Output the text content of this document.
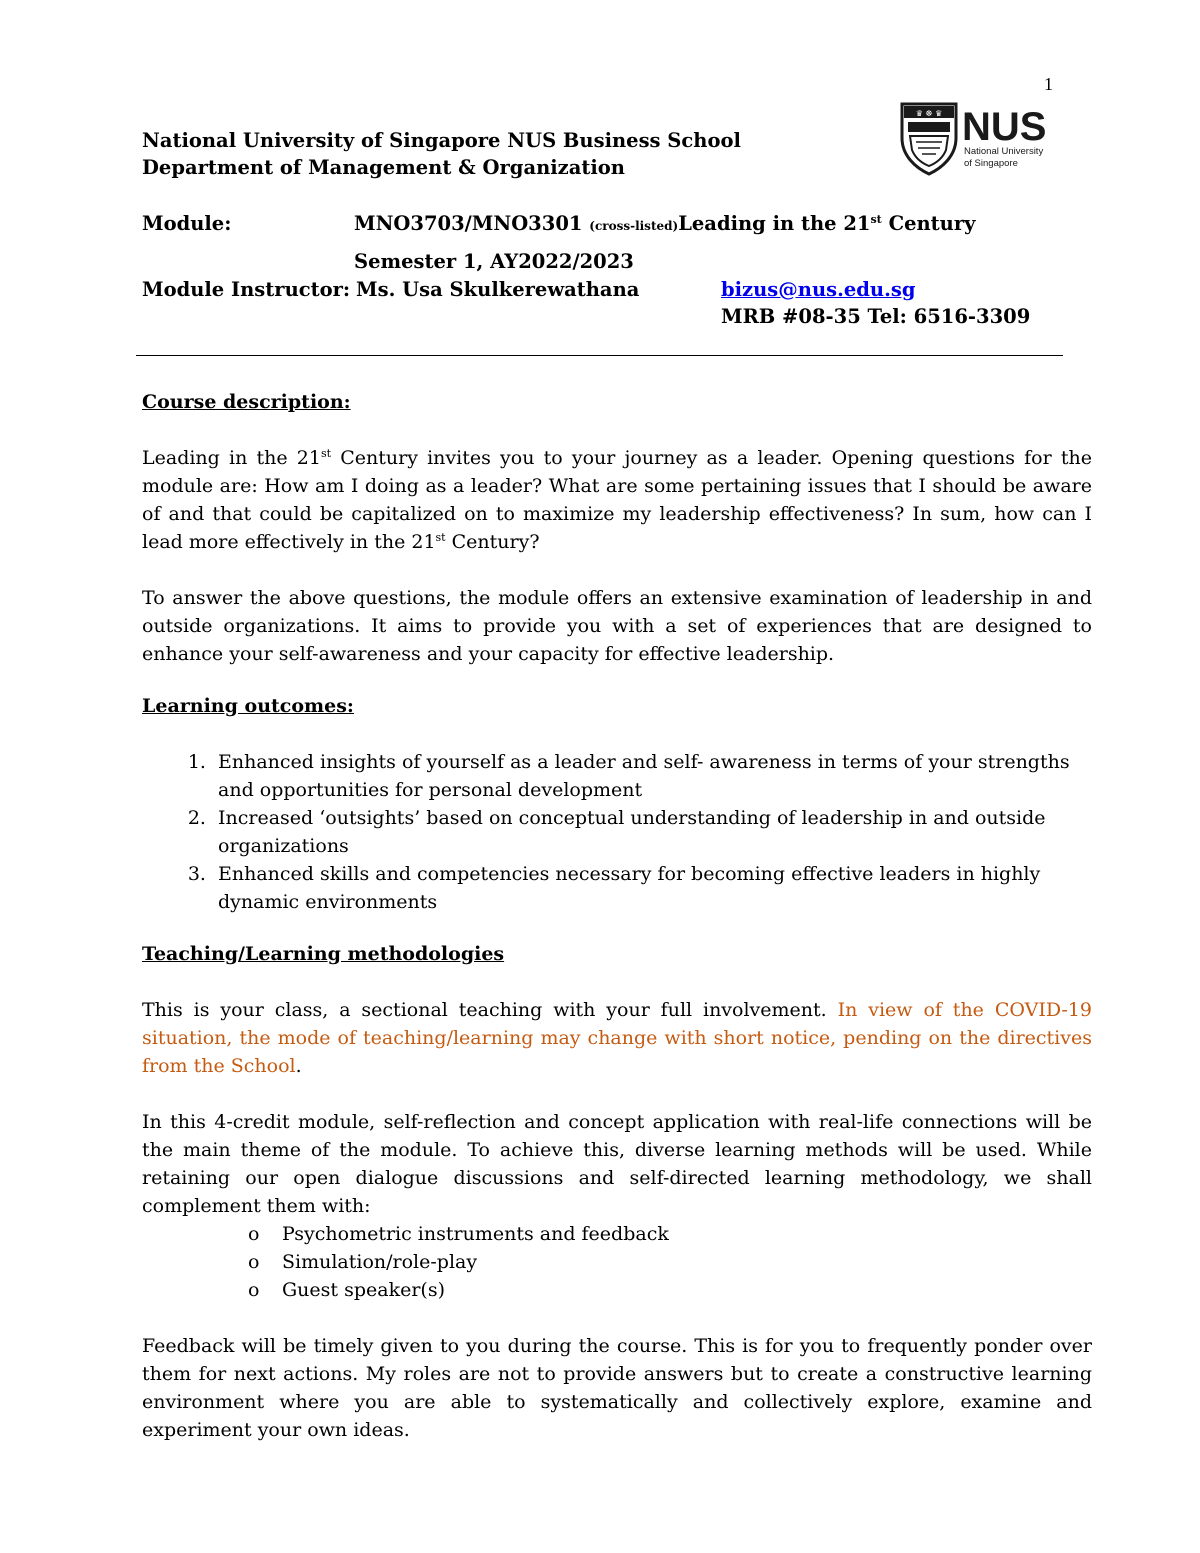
1
♛ ☸ ♛ NUS
National University
of Singapore
National University of Singapore NUS Business School
Department of Management & Organization
Module:	MNO3703/MNO3301 (cross-listed)Leading in the 21st Century
Semester 1, AY2022/2023
Module Instructor: Ms. Usa Skulkerewathana	bizus@nus.edu.sg
MRB #08-35 Tel: 6516-3309
Course description:
Leading in the 21st Century invites you to your journey as a leader. Opening questions for the module are: How am I doing as a leader? What are some pertaining issues that I should be aware of and that could be capitalized on to maximize my leadership effectiveness? In sum, how can I lead more effectively in the 21st Century?
To answer the above questions, the module offers an extensive examination of leadership in and outside organizations. It aims to provide you with a set of experiences that are designed to enhance your self-awareness and your capacity for effective leadership.
Learning outcomes:
1. Enhanced insights of yourself as a leader and self- awareness in terms of your strengths and opportunities for personal development
2. Increased ‘outsights’ based on conceptual understanding of leadership in and outside organizations
3. Enhanced skills and competencies necessary for becoming effective leaders in highly dynamic environments
Teaching/Learning methodologies
This is your class, a sectional teaching with your full involvement. In view of the COVID-19 situation, the mode of teaching/learning may change with short notice, pending on the directives from the School.
In this 4-credit module, self-reflection and concept application with real-life connections will be the main theme of the module. To achieve this, diverse learning methods will be used. While retaining our open dialogue discussions and self-directed learning methodology, we shall complement them with:
o Psychometric instruments and feedback
o Simulation/role-play
o Guest speaker(s)
Feedback will be timely given to you during the course. This is for you to frequently ponder over them for next actions. My roles are not to provide answers but to create a constructive learning environment where you are able to systematically and collectively explore, examine and experiment your own ideas.
